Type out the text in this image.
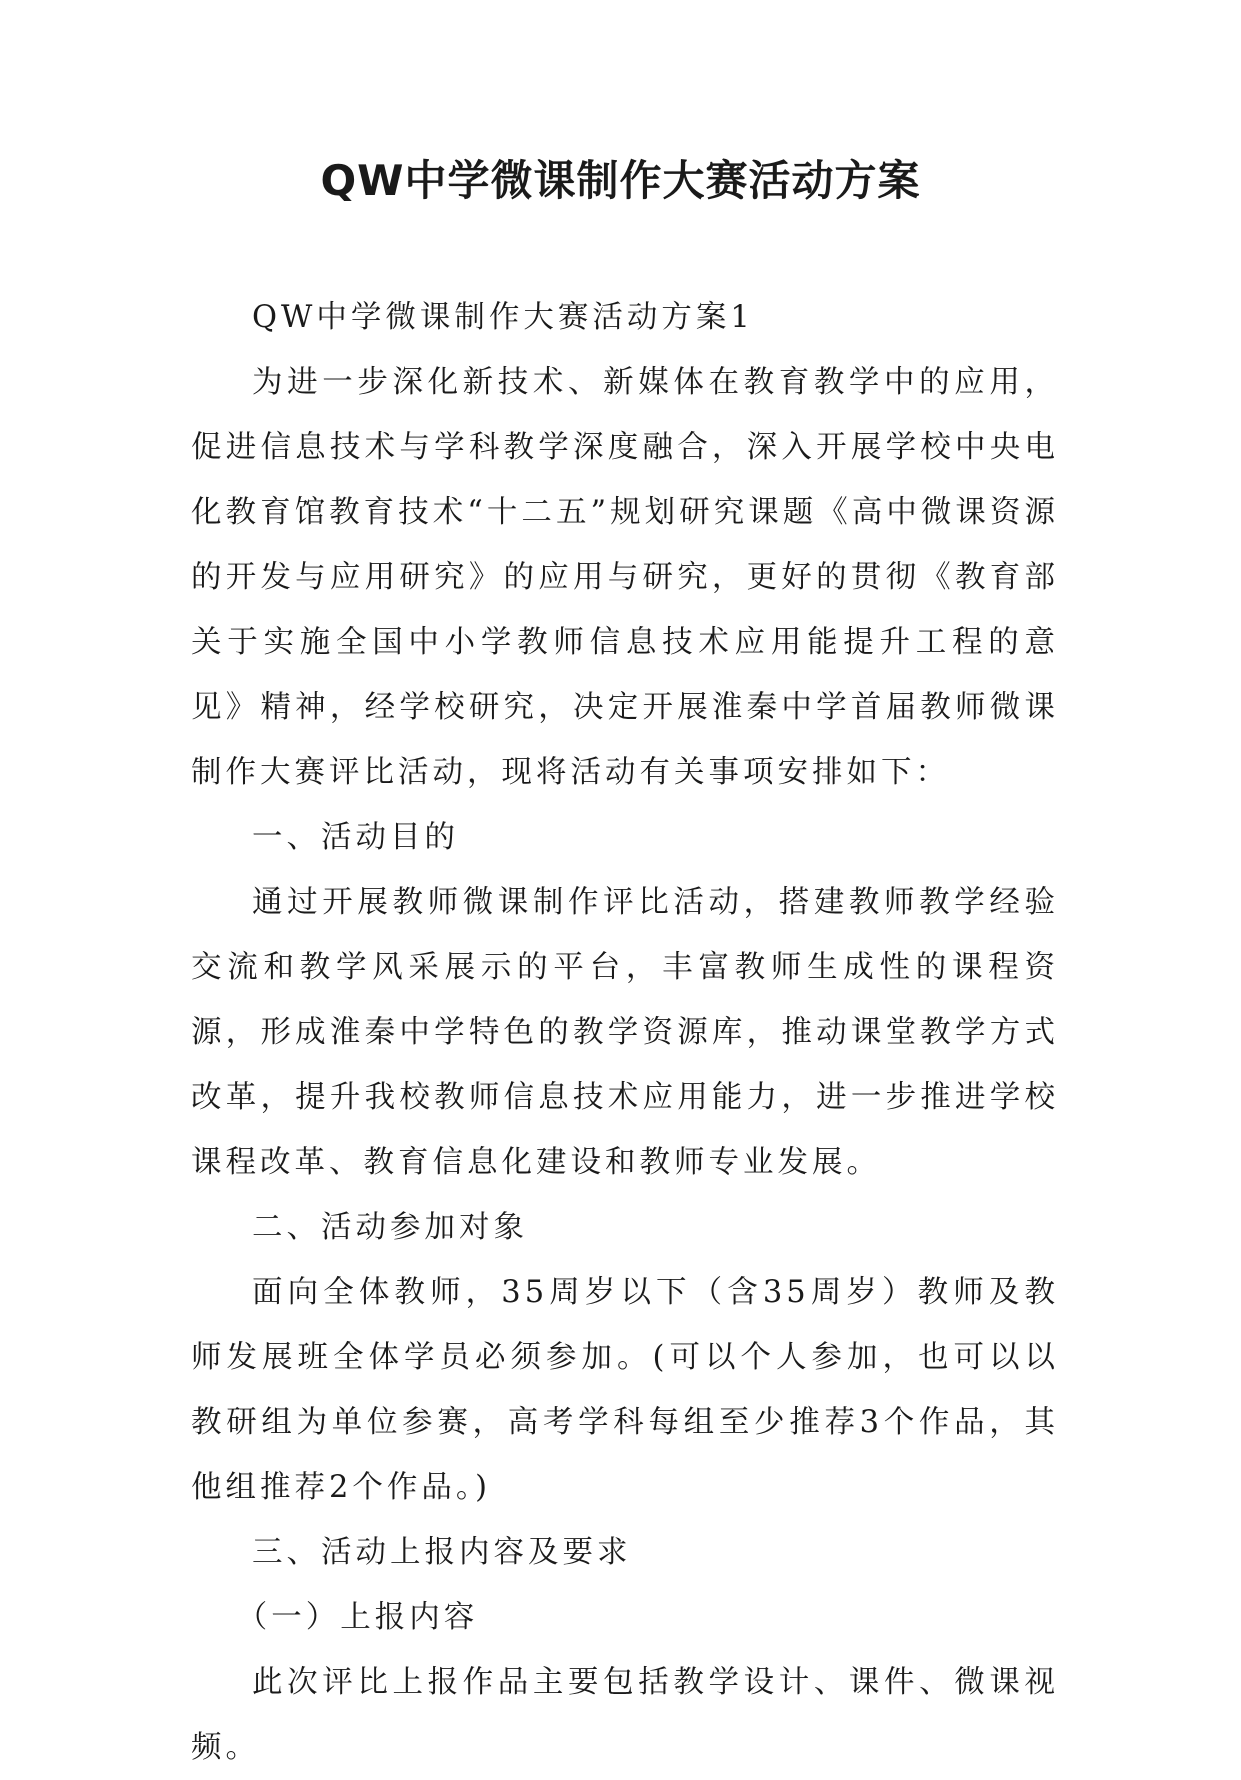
QW中学微课制作大赛活动方案

QW中学微课制作大赛活动方案1

为进一步深化新技术、新媒体在教育教学中的应用，促进信息技术与学科教学深度融合，深入开展学校中央电化教育馆教育技术“十二五”规划研究课题《高中微课资源的开发与应用研究》的应用与研究，更好的贯彻《教育部关于实施全国中小学教师信息技术应用能提升工程的意见》精神，经学校研究，决定开展淮秦中学首届教师微课制作大赛评比活动，现将活动有关事项安排如下：

一、活动目的

通过开展教师微课制作评比活动，搭建教师教学经验交流和教学风采展示的平台，丰富教师生成性的课程资源，形成淮秦中学特色的教学资源库，推动课堂教学方式改革，提升我校教师信息技术应用能力，进一步推进学校课程改革、教育信息化建设和教师专业发展。

二、活动参加对象

面向全体教师，35周岁以下（含35周岁）教师及教师发展班全体学员必须参加。(可以个人参加，也可以以教研组为单位参赛，高考学科每组至少推荐3个作品，其他组推荐2个作品。)

三、活动上报内容及要求

（一）上报内容

此次评比上报作品主要包括教学设计、课件、微课视频。
